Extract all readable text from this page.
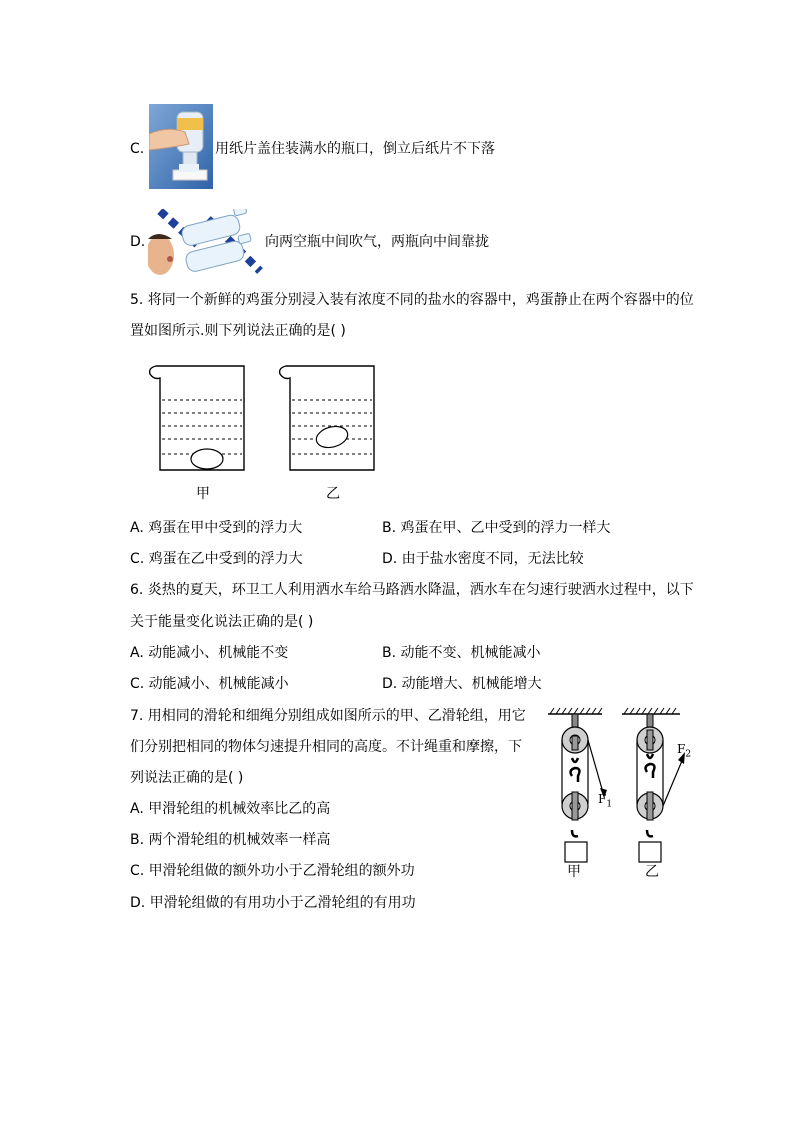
C.	用纸片盖住装满水的瓶口，倒立后纸片不下落
D.	向两空瓶中间吹气，两瓶向中间靠拢
5. 将同一个新鲜的鸡蛋分别浸入装有浓度不同的盐水的容器中，鸡蛋静止在两个容器中的位
置如图所示.则下列说法正确的是( )
甲	乙
A. 鸡蛋在甲中受到的浮力大	B. 鸡蛋在甲、乙中受到的浮力一样大
C. 鸡蛋在乙中受到的浮力大	D. 由于盐水密度不同，无法比较
6. 炎热的夏天，环卫工人利用洒水车给马路洒水降温，洒水车在匀速行驶洒水过程中，以下
关于能量变化说法正确的是( )
A. 动能减小、机械能不变	B. 动能不变、机械能减小
C. 动能减小、机械能减小	D. 动能增大、机械能增大
7. 用相同的滑轮和细绳分别组成如图所示的甲、乙滑轮组，用它
们分别把相同的物体匀速提升相同的高度。不计绳重和摩擦，下
列说法正确的是( )
A. 甲滑轮组的机械效率比乙的高
B. 两个滑轮组的机械效率一样高
C. 甲滑轮组做的额外功小于乙滑轮组的额外功
D. 甲滑轮组做的有用功小于乙滑轮组的有用功
$F_1$
$F_2$
甲	乙
